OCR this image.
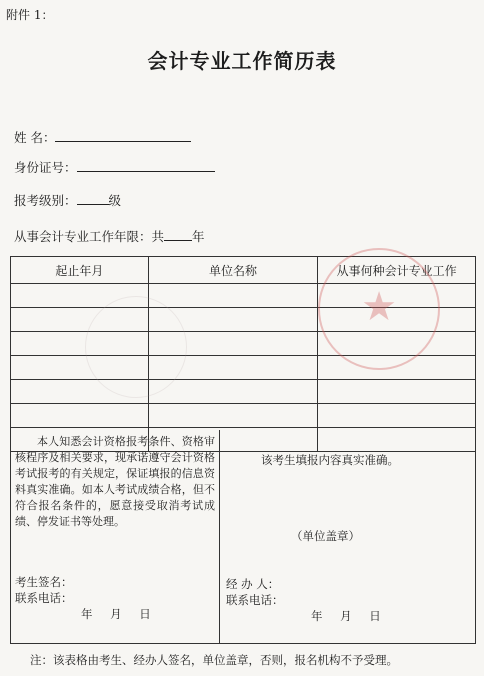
附件 1：
会计专业工作简历表
姓 名：
身份证号：
报考级别：	级
从事会计专业工作年限：共 年
起止年月	单位名称	从事何种会计专业工作

★
本人知悉会计资格报考条件、资格审核程序及相关要求，现承诺遵守会计资格考试报考的有关规定，保证填报的信息资料真实准确。如本人考试成绩合格，但不符合报名条件的，愿意接受取消考试成绩、停发证书等处理。
考生签名：
联系电话：
年 月 日
该考生填报内容真实准确。
（单位盖章）
经 办 人：
联系电话：
年 月 日
注：该表格由考生、经办人签名，单位盖章，否则，报名机构不予受理。
